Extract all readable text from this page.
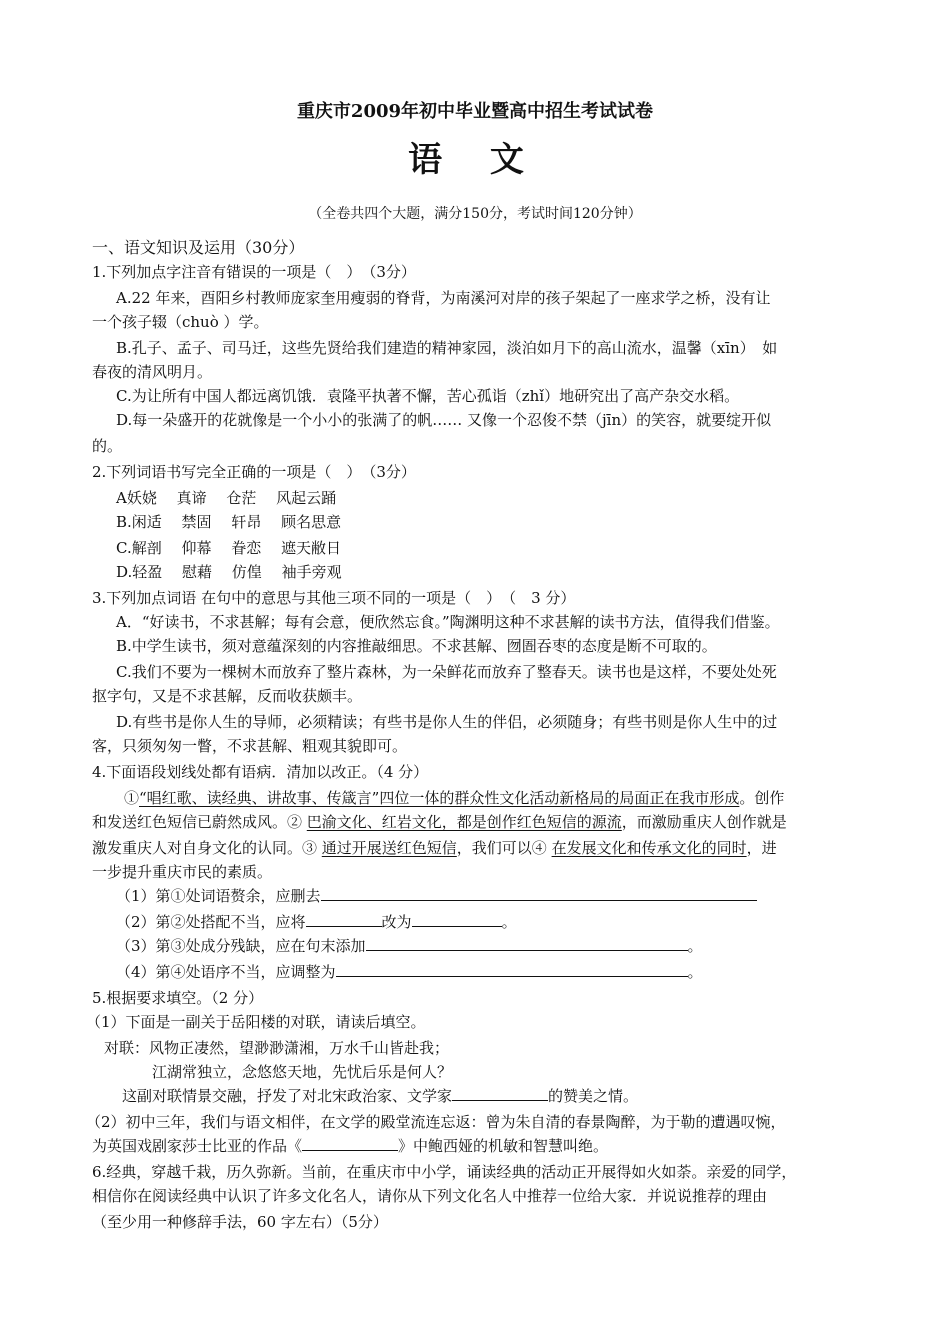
重庆市2009年初中毕业暨高中招生考试试卷
语 文
（全卷共四个大题，满分150分，考试时间120分钟）
一、语文知识及运用（30分）
1.下列加点字注音有错误的一项是（　）　（3分）
A.22 年来，酉阳乡村教师庞家奎用瘦弱的脊背，为南溪河对岸的孩子架起了一座求学之桥，没有让
一个孩子辍（chuò ）学。
B.孔子、孟子、司马迁，这些先贤给我们建造的精神家园，淡泊如月下的高山流水，温馨（xīn）　如
春夜的清风明月。
C.为让所有中国人都远离饥饿．袁隆平执著不懈，苦心孤诣（zhǐ）地研究出了高产杂交水稻。
D.每一朵盛开的花就像是一个小小的张满了的帆…… 又像一个忍俊不禁（jīn）的笑容，就要绽开似
的。
2.下列词语书写完全正确的一项是（　）　（3分）
A妖娆　 真谛　 仓茫　 风起云踊
B.闲适　 禁固　 轩昂　 顾名思意
C.解剖　 仰幕　 眷恋　 遮天敝日
D.轻盈　 慰藉　 仿偟　 袖手旁观
3.下列加点词语 在句中的意思与其他三项不同的一项是（　）　（　3 分）
A．“好读书，不求甚解；每有会意，便欣然忘食。”陶渊明这种不求甚解的读书方法，值得我们借鉴。
B.中学生读书，须对意蕴深刻的内容推敲细思。不求甚解、囫圄吞枣的态度是断不可取的。
C.我们不要为一棵树木而放弃了整片森林，为一朵鲜花而放弃了整春天。读书也是这样，不要处处死
抠字句，又是不求甚解，反而收获颇丰。
D.有些书是你人生的导师，必须精读；有些书是你人生的伴侣，必须随身；有些书则是你人生中的过
客，只须匆匆一瞥，不求甚解、粗观其貌即可。
4.下面语段划线处都有语病．清加以改正。（4 分）
①“唱红歌、读经典、讲故事、传箴言”四位一体的群众性文化活动新格局的局面正在我市形成。创作
和发送红色短信已蔚然成风。② 巴渝文化、红岩文化，都是创作红色短信的源流，而激励重庆人创作就是
激发重庆人对自身文化的认同。③ 通过开展送红色短信，我们可以④ 在发展文化和传承文化的同时，进
一步提升重庆市民的素质。
（1）第①处词语赘余，应删去
（2）第②处搭配不当，应将	改为	。
（3）第③处成分残缺，应在句末添加	。
（4）第④处语序不当，应调整为	。
5.根据要求填空。（2 分）
（1）下面是一副关于岳阳楼的对联，请读后填空。
对联：风物正凄然，望渺渺潇湘，万水千山皆赴我；
江湖常独立，念悠悠天地，先忧后乐是何人？
这副对联情景交融，抒发了对北宋政治家、文学家	的赞美之情。
（2）初中三年，我们与语文相伴，在文学的殿堂流连忘返：曾为朱自清的春景陶醉，为于勒的遭遇叹惋，
为英国戏剧家莎士比亚的作品《	》中鲍西娅的机敏和智慧叫绝。
6.经典，穿越千栽，历久弥新。当前，在重庆市中小学，诵读经典的活动正开展得如火如荼。亲爱的同学，
相信你在阅读经典中认识了许多文化名人，请你从下列文化名人中推荐一位给大家．并说说推荐的理由
（至少用一种修辞手法，60 字左右）（5分）
